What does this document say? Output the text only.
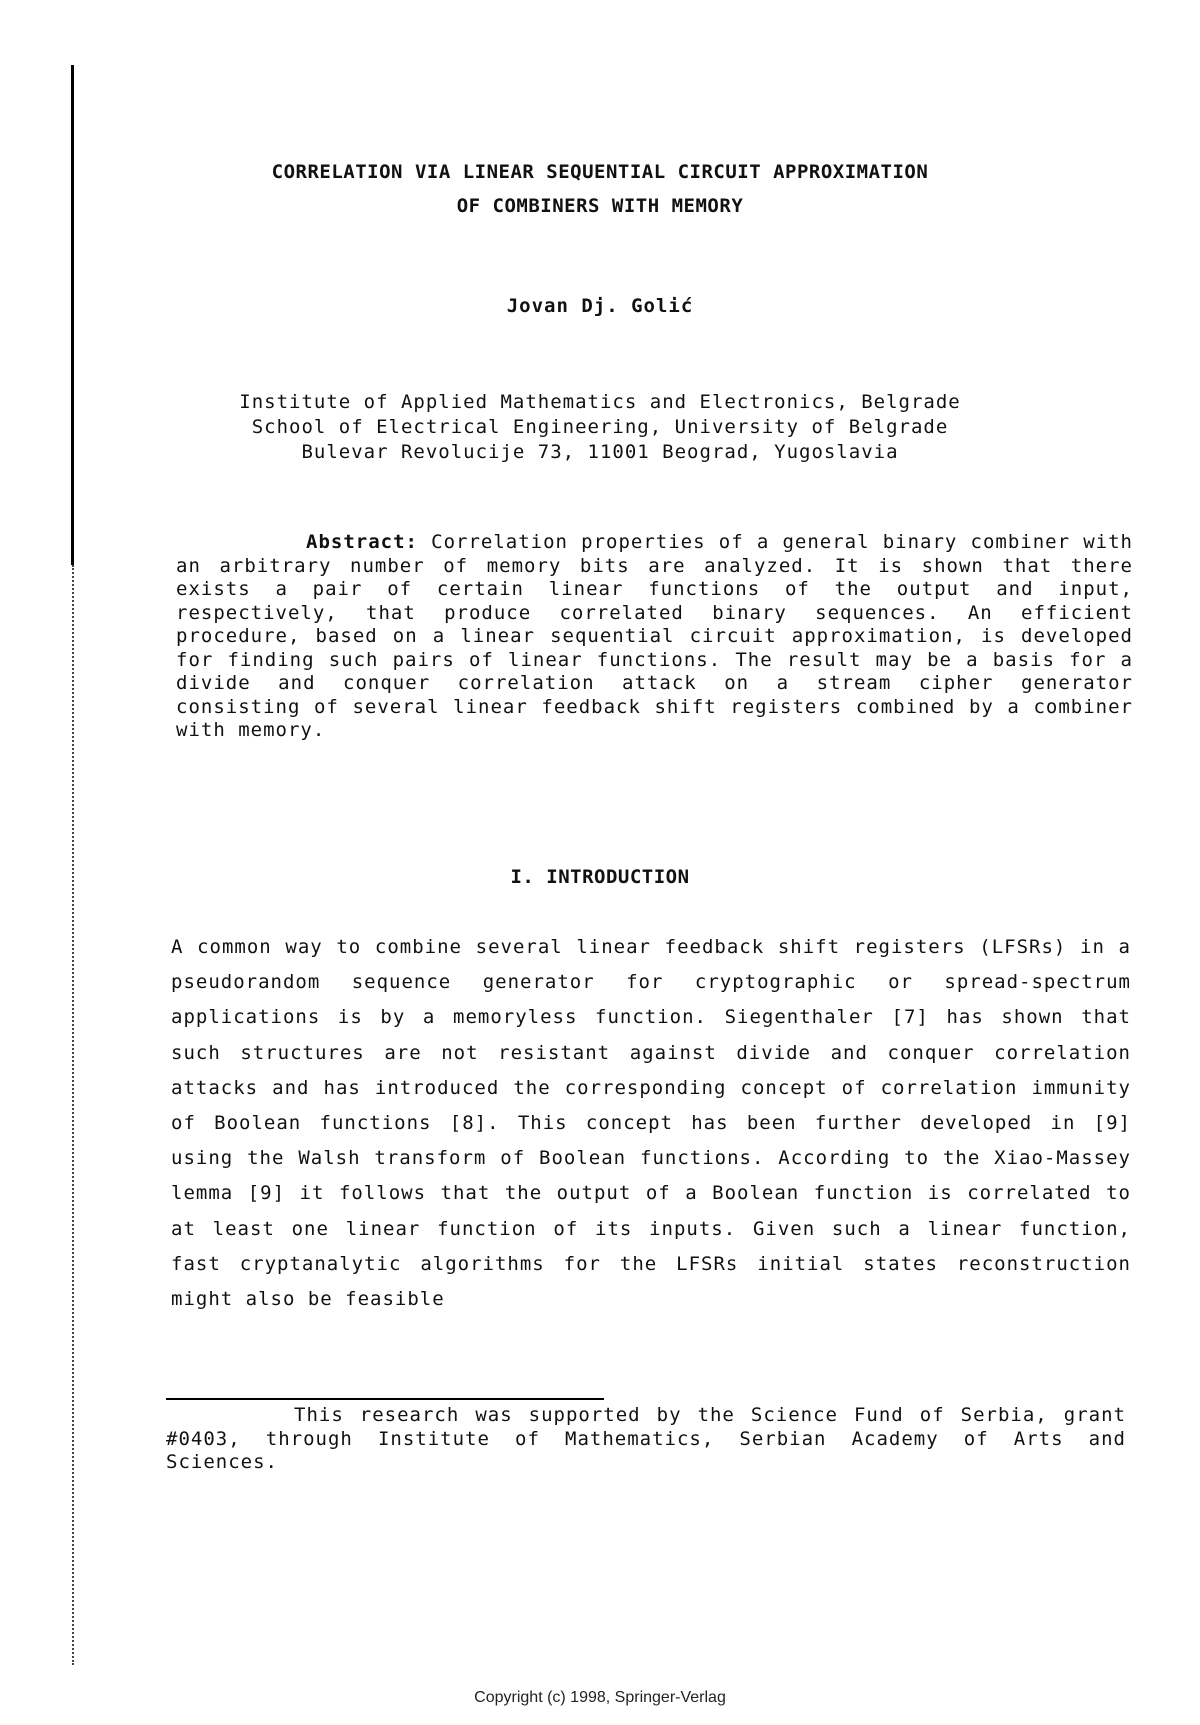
CORRELATION VIA LINEAR SEQUENTIAL CIRCUIT APPROXIMATION
OF COMBINERS WITH MEMORY
Jovan Dj. Golić
Institute of Applied Mathematics and Electronics, Belgrade
School of Electrical Engineering, University of Belgrade
Bulevar Revolucije 73, 11001 Beograd, Yugoslavia
Abstract: Correlation properties of a general binary combiner with an arbitrary number of memory bits are analyzed. It is shown that there exists a pair of certain linear functions of the output and input, respectively, that produce correlated binary sequences. An efficient procedure, based on a linear sequential circuit approximation, is developed for finding such pairs of linear functions. The result may be a basis for a divide and conquer correlation attack on a stream cipher generator consisting of several linear feedback shift registers combined by a combiner with memory.
I. INTRODUCTION
A common way to combine several linear feedback shift registers (LFSRs) in a pseudorandom sequence generator for cryptographic or spread-spectrum applications is by a memoryless function. Siegenthaler [7] has shown that such structures are not resistant against divide and conquer correlation attacks and has introduced the corresponding concept of correlation immunity of Boolean functions [8]. This concept has been further developed in [9] using the Walsh transform of Boolean functions. According to the Xiao-Massey lemma [9] it follows that the output of a Boolean function is correlated to at least one linear function of its inputs. Given such a linear function, fast cryptanalytic algorithms for the LFSRs initial states reconstruction might also be feasible
This research was supported by the Science Fund of Serbia, grant #0403, through Institute of Mathematics, Serbian Academy of Arts and Sciences.
Copyright (c) 1998, Springer-Verlag
